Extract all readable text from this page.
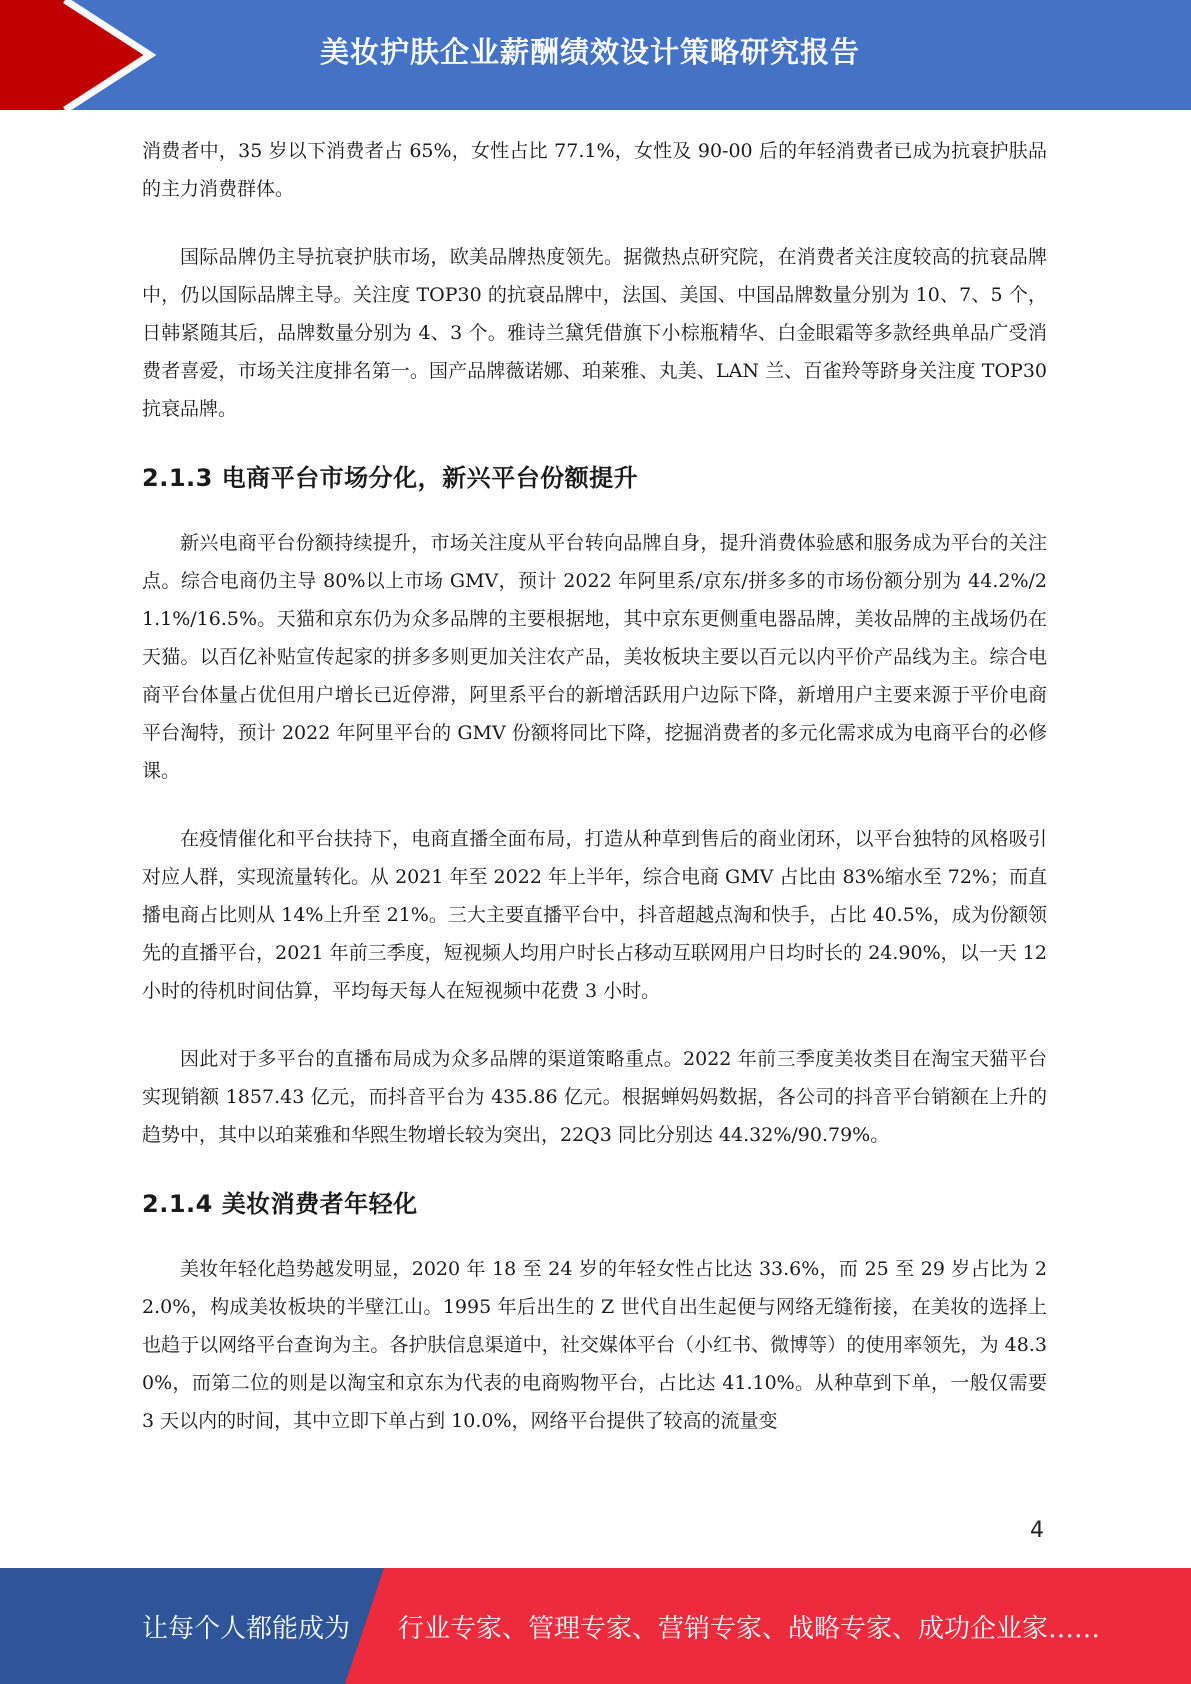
美妆护肤企业薪酬绩效设计策略研究报告

消费者中，35 岁以下消费者占 65%，女性占比 77.1%，女性及 90-00 后的年轻消费者已成为抗衰护肤品的主力消费群体。

国际品牌仍主导抗衰护肤市场，欧美品牌热度领先。据微热点研究院，在消费者关注度较高的抗衰品牌中，仍以国际品牌主导。关注度 TOP30 的抗衰品牌中，法国、美国、中国品牌数量分别为 10、7、5 个，日韩紧随其后，品牌数量分别为 4、3 个。雅诗兰黛凭借旗下小棕瓶精华、白金眼霜等多款经典单品广受消费者喜爱，市场关注度排名第一。国产品牌薇诺娜、珀莱雅、丸美、LAN 兰、百雀羚等跻身关注度 TOP30 抗衰品牌。

2.1.3 电商平台市场分化，新兴平台份额提升

新兴电商平台份额持续提升，市场关注度从平台转向品牌自身，提升消费体验感和服务成为平台的关注点。综合电商仍主导 80%以上市场 GMV，预计 2022 年阿里系/京东/拼多多的市场份额分别为 44.2%/21.1%/16.5%。天猫和京东仍为众多品牌的主要根据地，其中京东更侧重电器品牌，美妆品牌的主战场仍在天猫。以百亿补贴宣传起家的拼多多则更加关注农产品，美妆板块主要以百元以内平价产品线为主。综合电商平台体量占优但用户增长已近停滞，阿里系平台的新增活跃用户边际下降，新增用户主要来源于平价电商平台淘特，预计 2022 年阿里平台的 GMV 份额将同比下降，挖掘消费者的多元化需求成为电商平台的必修课。

在疫情催化和平台扶持下，电商直播全面布局，打造从种草到售后的商业闭环，以平台独特的风格吸引对应人群，实现流量转化。从 2021 年至 2022 年上半年，综合电商 GMV 占比由 83%缩水至 72%；而直播电商占比则从 14%上升至 21%。三大主要直播平台中，抖音超越点淘和快手，占比 40.5%，成为份额领先的直播平台，2021 年前三季度，短视频人均用户时长占移动互联网用户日均时长的 24.90%，以一天 12 小时的待机时间估算，平均每天每人在短视频中花费 3 小时。

因此对于多平台的直播布局成为众多品牌的渠道策略重点。2022 年前三季度美妆类目在淘宝天猫平台实现销额 1857.43 亿元，而抖音平台为 435.86 亿元。根据蝉妈妈数据，各公司的抖音平台销额在上升的趋势中，其中以珀莱雅和华熙生物增长较为突出，22Q3 同比分别达 44.32%/90.79%。

2.1.4 美妆消费者年轻化

美妆年轻化趋势越发明显，2020 年 18 至 24 岁的年轻女性占比达 33.6%，而 25 至 29 岁占比为 22.0%，构成美妆板块的半壁江山。1995 年后出生的 Z 世代自出生起便与网络无缝衔接，在美妆的选择上也趋于以网络平台查询为主。各护肤信息渠道中，社交媒体平台（小红书、微博等）的使用率领先，为 48.30%，而第二位的则是以淘宝和京东为代表的电商购物平台，占比达 41.10%。从种草到下单，一般仅需要 3 天以内的时间，其中立即下单占到 10.0%，网络平台提供了较高的流量变

4
让每个人都能成为 行业专家、管理专家、营销专家、战略专家、成功企业家……
